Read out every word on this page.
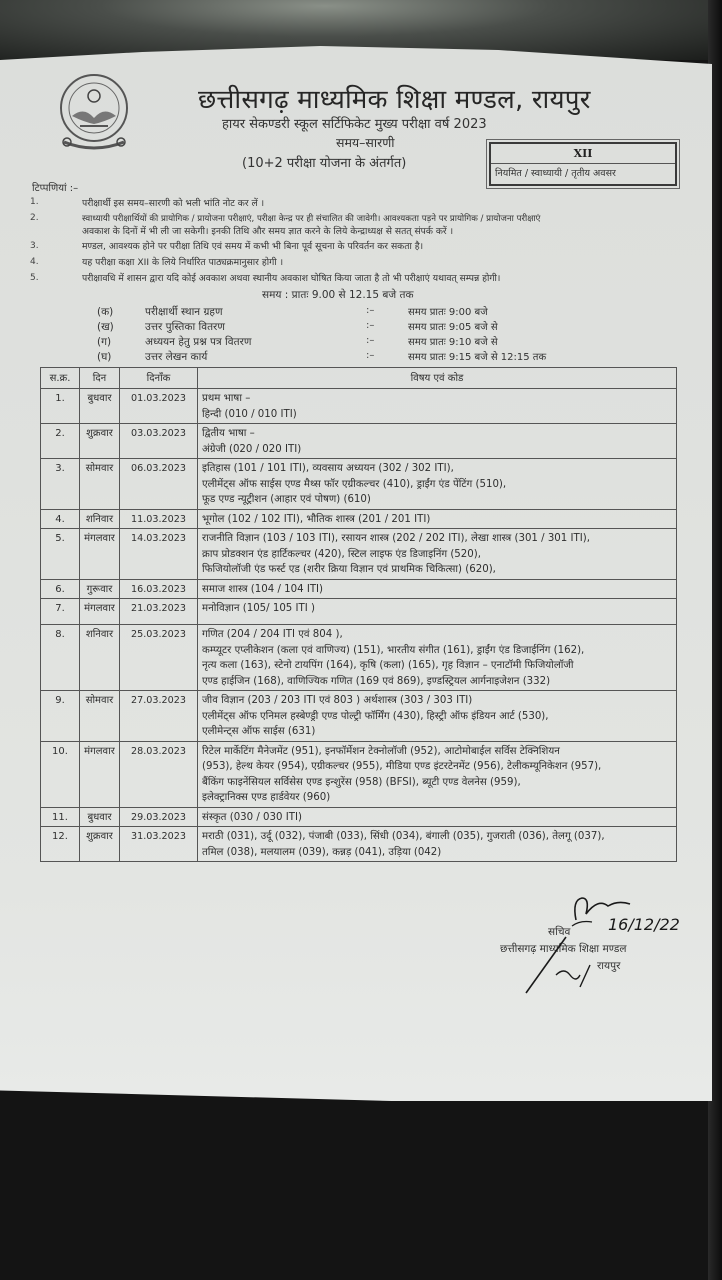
छत्तीसगढ़ माध्यमिक शिक्षा मण्डल, रायपुर
हायर सेकण्डरी स्कूल सर्टिफिकेट मुख्य परीक्षा वर्ष 2023
समय–सारणी
(10+2 परीक्षा योजना के अंतर्गत)
XII
नियमित / स्वाध्यायी / तृतीय अवसर
टिप्पणियां :–
1.	परीक्षार्थी इस समय–सारणी को भली भांति नोट कर लें ।
2.	स्वाध्यायी परीक्षार्थियों की प्रायोगिक / प्रायोजना परीक्षाएं, परीक्षा केन्द्र पर ही संचालित की जावेगी। आवश्यकता पड़ने पर प्रायोगिक / प्रायोजना परीक्षाएं
अवकाश के दिनों में भी ली जा सकेगी। इनकी तिथि और समय ज्ञात करने के लिये केन्द्राध्यक्ष से सतत् संपर्क करें ।
3.	मण्डल, आवश्यक होने पर परीक्षा तिथि एवं समय में कभी भी बिना पूर्व सूचना के परिवर्तन कर सकता है।
4.	यह परीक्षा कक्षा XII के लिये निर्धारित पाठ्यक्रमानुसार होगी ।
5.	परीक्षावधि में शासन द्वारा यदि कोई अवकाश अथवा स्थानीय अवकाश घोषित किया जाता है तो भी परीक्षाएं यथावत् सम्पन्न होगी।
समय : प्रातः 9.00 से 12.15 बजे तक
(क)	परीक्षार्थी स्थान ग्रहण	:–	समय प्रातः 9:00 बजे
(ख)	उत्तर पुस्तिका वितरण	:–	समय प्रातः 9:05 बजे से
(ग)	अध्ययन हेतु प्रश्न पत्र वितरण	:–	समय प्रातः 9:10 बजे से
(घ)	उत्तर लेखन कार्य	:–	समय प्रातः 9:15 बजे से 12:15 तक
स.क्र.	दिन	दिनाँक	विषय एवं कोड
1.	बुधवार	01.03.2023	प्रथम भाषा –
हिन्दी (010 / 010 ITI)

2.	शुक्रवार	03.03.2023	द्वितीय भाषा –
अंग्रेजी (020 / 020 ITI)

3.	सोमवार	06.03.2023	इतिहास (101 / 101 ITI), व्यवसाय अध्ययन (302 / 302 ITI),
एलीमेंट्स ऑफ साईस एण्ड मैथ्स फॉर एग्रीकल्चर (410), ड्राईंग एंड पेंटिंग (510),
फूड एण्ड न्यूट्रीशन (आहार एवं पोषण) (610)

4.	शनिवार	11.03.2023	भूगोल (102 / 102 ITI), भौतिक शास्त्र (201 / 201 ITI)

5.	मंगलवार	14.03.2023	राजनीति विज्ञान (103 / 103 ITI), रसायन शास्त्र (202 / 202 ITI), लेखा शास्त्र (301 / 301 ITI),
क्राप प्रोडक्शन एंड हार्टिकल्चर (420), स्टिल लाइफ एंड डिजाइनिंग (520),
फिजियोलॉजी एंड फर्स्ट एड (शरीर क्रिया विज्ञान एवं प्राथमिक चिकित्सा) (620),

6.	गुरूवार	16.03.2023	समाज शास्त्र (104 / 104 ITI)

7.	मंगलवार	21.03.2023	मनोविज्ञान (105/ 105 ITI )

8.	शनिवार	25.03.2023	गणित (204 / 204 ITI एवं 804 ),
कम्प्यूटर एप्लीकेशन (कला एवं वाणिज्य) (151), भारतीय संगीत (161), ड्राईंग एंड डिजाईनिंग (162),
नृत्य कला (163), स्टेनो टायपिंग (164), कृषि (कला) (165), गृह विज्ञान – एनाटॉमी फिजियोलॉजी
एण्ड हाईजिन (168), वाणिज्यिक गणित (169 एवं 869), इण्डस्ट्रियल आर्गनाइजेशन (332)

9.	सोमवार	27.03.2023	जीव विज्ञान (203 / 203 ITI एवं 803 ) अर्थशास्त्र (303 / 303 ITI)
एलीमेंट्स ऑफ एनिमल हस्बेण्ड्री एण्ड पोल्ट्री फॉर्मिंग (430), हिस्ट्री ऑफ इंडियन आर्ट (530),
एलीमेन्ट्स ऑफ साईस (631)

10.	मंगलवार	28.03.2023	रिटेल मार्केटिंग मैनेजमेंट (951), इनफॉर्मेशन टेक्नोलॉजी (952), आटोमोबाईल सर्विस टेक्निशियन
(953), हेल्थ केयर (954), एग्रीकल्चर (955), मीडिया एण्ड इंटरटेनमेंट (956), टेलीकम्यूनिकेशन (957),
बैंकिंग फाइनेंसियल सर्विसेस एण्ड इन्शुरेंस (958) (BFSI), ब्यूटी एण्ड वेलनेस (959),
इलेक्ट्रानिक्स एण्ड हार्डवेयर (960)

11.	बुधवार	29.03.2023	संस्कृत (030 / 030 ITI)

12.	शुक्रवार	31.03.2023	मराठी (031), उर्दू (032), पंजाबी (033), सिंधी (034), बंगाली (035), गुजराती (036), तेलगू (037),
तमिल (038), मलयालम (039), कन्नड़ (041), उड़िया (042)
16/12/22
सचिव
छत्तीसगढ़ माध्यमिक शिक्षा मण्डल
रायपुर
